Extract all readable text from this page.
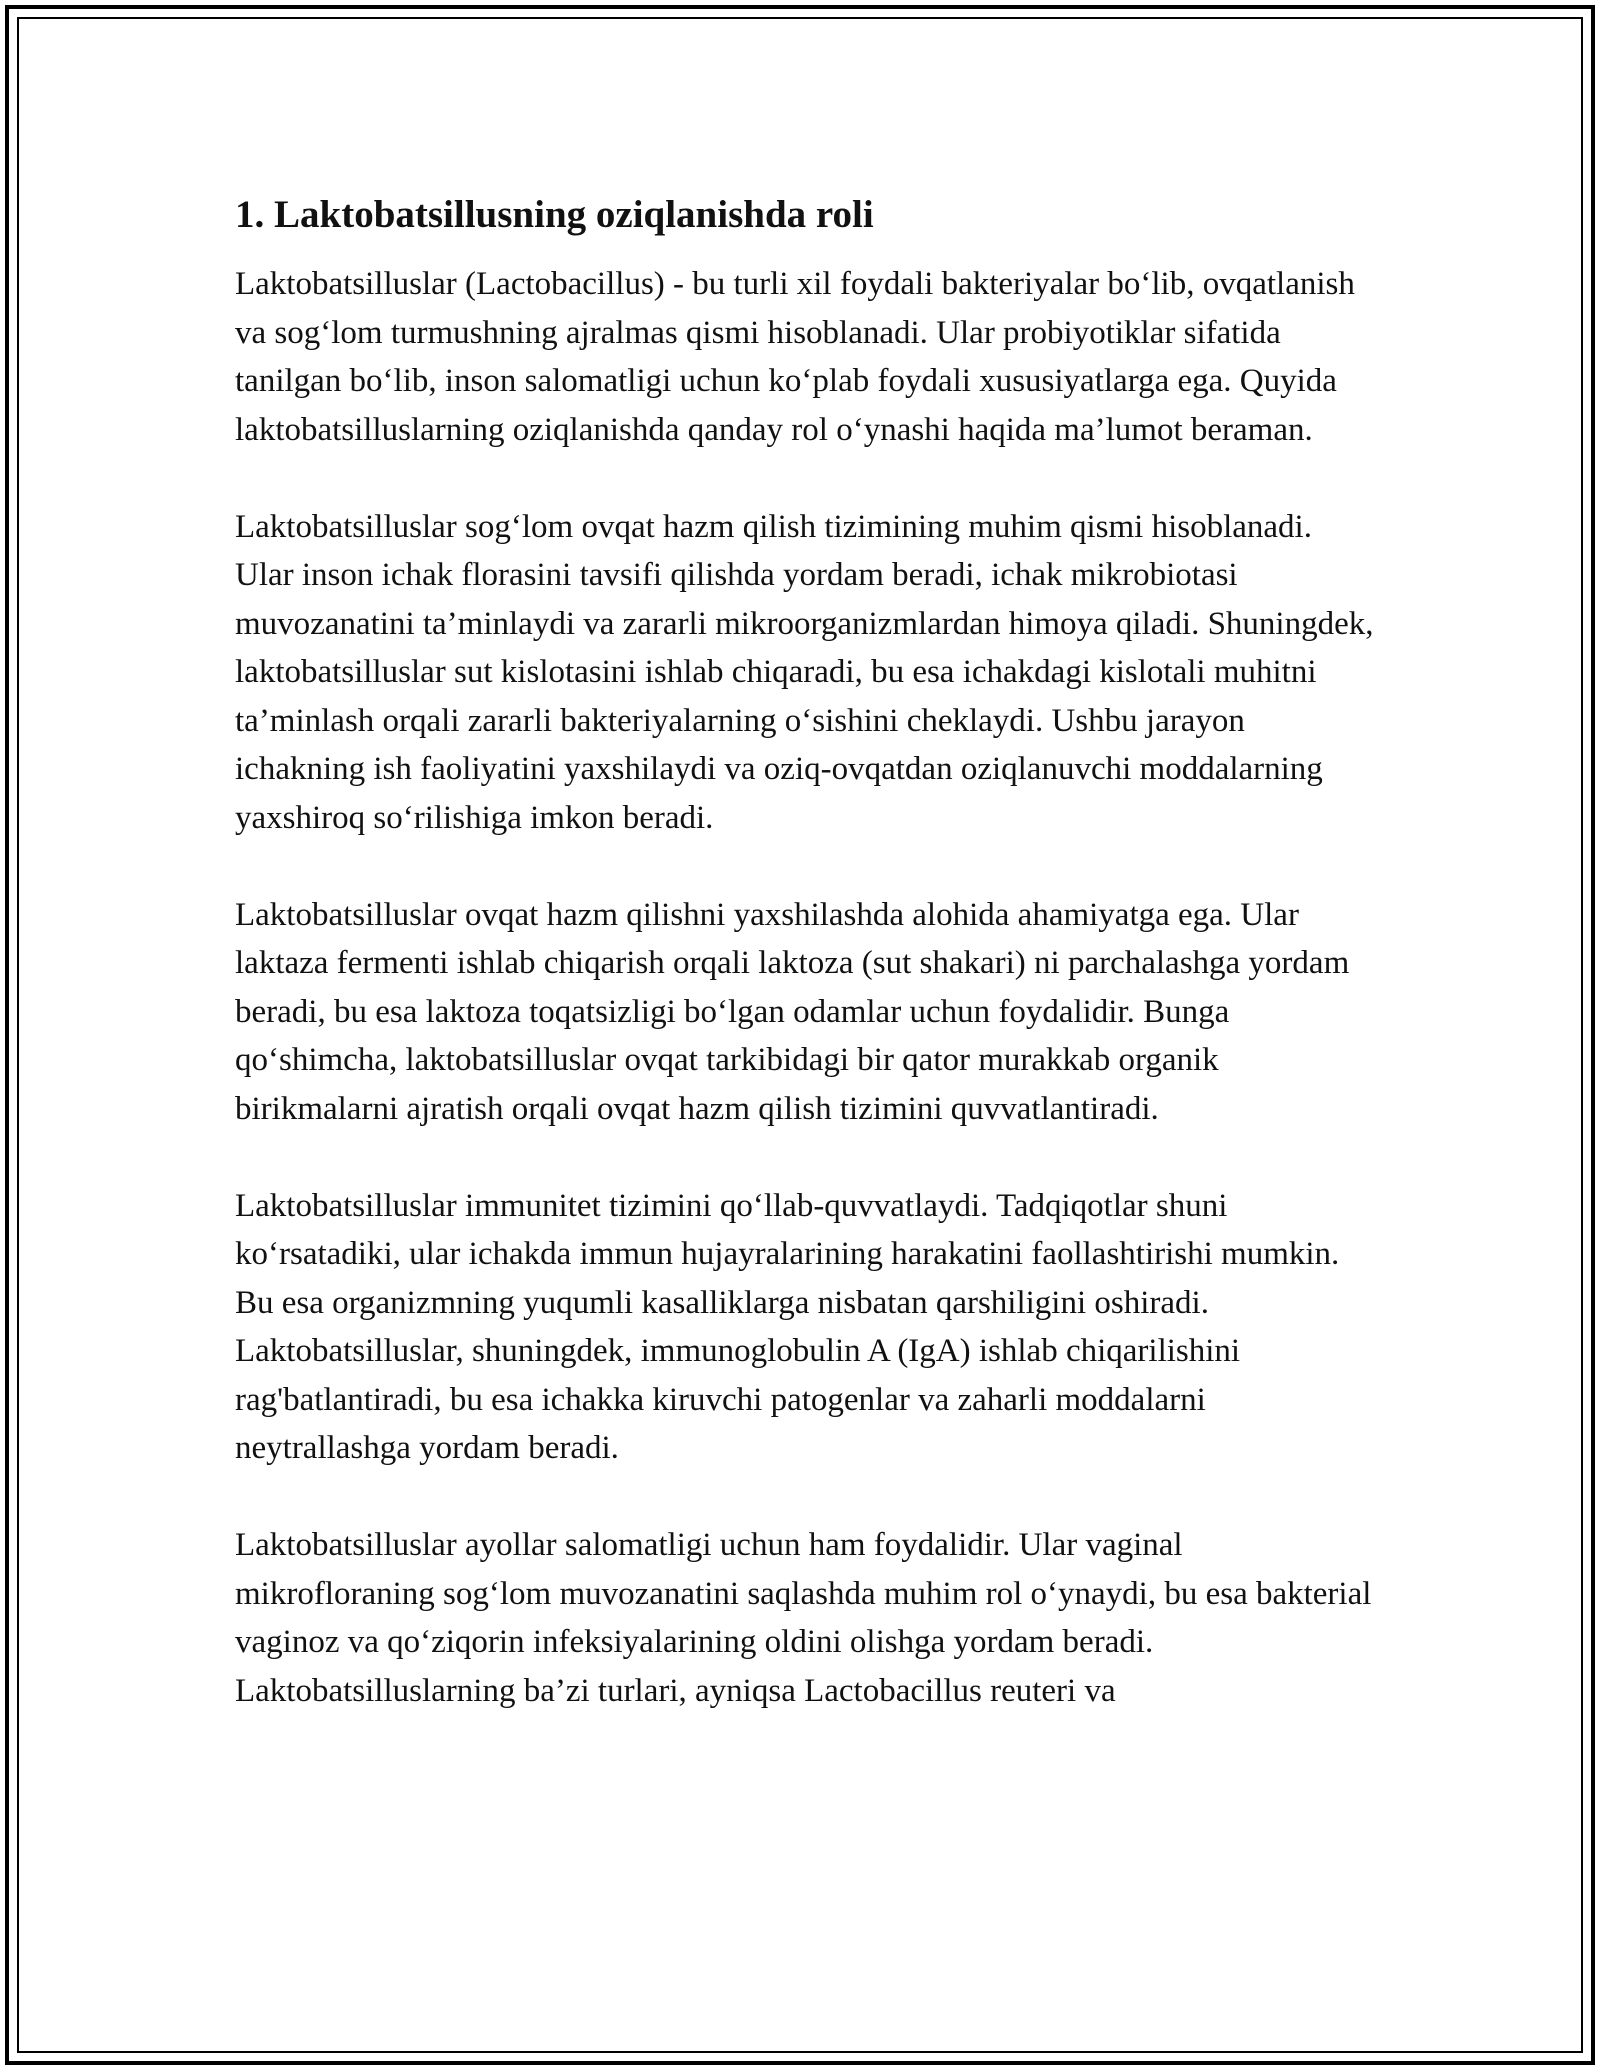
1. Laktobatsillusning oziqlanishda roli

Laktobatsilluslar (Lactobacillus) - bu turli xil foydali bakteriyalar bo‘lib, ovqatlanish va sog‘lom turmushning ajralmas qismi hisoblanadi. Ular probiyotiklar sifatida tanilgan bo‘lib, inson salomatligi uchun ko‘plab foydali xususiyatlarga ega. Quyida laktobatsilluslarning oziqlanishda qanday rol o‘ynashi haqida ma’lumot beraman.

Laktobatsilluslar sog‘lom ovqat hazm qilish tizimining muhim qismi hisoblanadi. Ular inson ichak florasini tavsifi qilishda yordam beradi, ichak mikrobiotasi muvozanatini ta’minlaydi va zararli mikroorganizmlardan himoya qiladi. Shuningdek, laktobatsilluslar sut kislotasini ishlab chiqaradi, bu esa ichakdagi kislotali muhitni ta’minlash orqali zararli bakteriyalarning o‘sishini cheklaydi. Ushbu jarayon ichakning ish faoliyatini yaxshilaydi va oziq-ovqatdan oziqlanuvchi moddalarning yaxshiroq so‘rilishiga imkon beradi.

Laktobatsilluslar ovqat hazm qilishni yaxshilashda alohida ahamiyatga ega. Ular laktaza fermenti ishlab chiqarish orqali laktoza (sut shakari) ni parchalashga yordam beradi, bu esa laktoza toqatsizligi bo‘lgan odamlar uchun foydalidir. Bunga qo‘shimcha, laktobatsilluslar ovqat tarkibidagi bir qator murakkab organik birikmalarni ajratish orqali ovqat hazm qilish tizimini quvvatlantiradi.

Laktobatsilluslar immunitet tizimini qo‘llab-quvvatlaydi. Tadqiqotlar shuni ko‘rsatadiki, ular ichakda immun hujayralarining harakatini faollashtirishi mumkin. Bu esa organizmning yuqumli kasalliklarga nisbatan qarshiligini oshiradi. Laktobatsilluslar, shuningdek, immunoglobulin A (IgA) ishlab chiqarilishini rag'batlantiradi, bu esa ichakka kiruvchi patogenlar va zaharli moddalarni neytrallashga yordam beradi.

Laktobatsilluslar ayollar salomatligi uchun ham foydalidir. Ular vaginal mikrofloraning sog‘lom muvozanatini saqlashda muhim rol o‘ynaydi, bu esa bakterial vaginoz va qo‘ziqorin infeksiyalarining oldini olishga yordam beradi. Laktobatsilluslarning ba’zi turlari, ayniqsa Lactobacillus reuteri va
